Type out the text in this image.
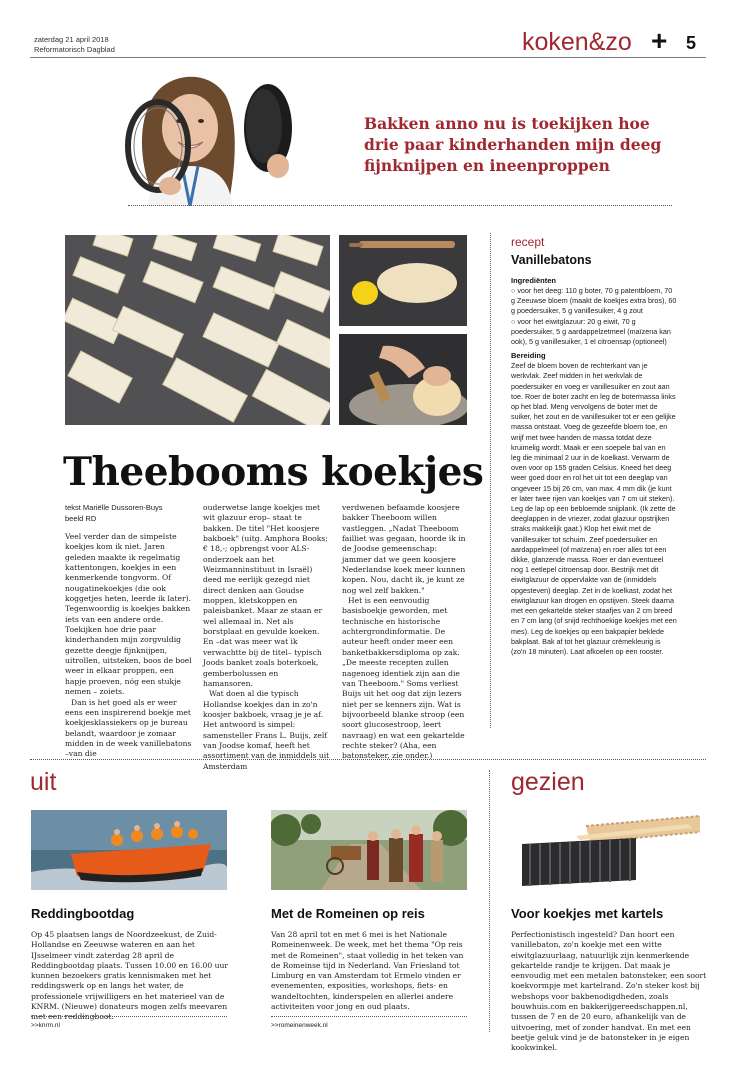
zaterdag 21 april 2018
Reformatorisch Dagblad	koken&zo + 5
Bakken anno nu is toekijken hoe drie paar kinderhanden mijn deeg fijnknijpen en ineenproppen
Theebooms koekjes
tekst Mariëlle Dussoren-Buys
beeld RD

Veel verder dan de simpelste koekjes kom ik niet. Jaren geleden maakte ik regelmatig kattentongen, koekjes in een kenmerkende tongvorm. Of nougatinekoekjes (die ook koggetjes heten, leerde ik later). Tegenwoordig is koekjes bakken iets van een andere orde. Toekijken hoe drie paar kinderhanden mijn zorgvuldig gezette deegje fijnknijpen, uitrollen, uitsteken, boos de boel weer in elkaar proppen, een hapje proeven, nóg een stukje nemen – zoiets.

Dan is het goed als er weer eens een inspirerend boekje met koekjesklassiekers op je bureau belandt, waardoor je zomaar midden in de week vanillebatons –van die

ouderwetse lange koekjes met wit glazuur erop– staat te bakken. De titel "Het koosjere bakboek" (uitg. Amphora Books; € 18,-; opbrengst voor ALS-onderzoek aan het Weizmanninstituut in Israël) deed me eerlijk gezegd niet direct denken aan Goudse moppen, kletskoppen en paleisbanket. Maar ze staan er wel allemaal in. Net als borstplaat en gevulde koeken. En –dat was meer wat ik verwachtte bij de titel– typisch Joods banket zoals boterkoek, gemberbolussen en hamansoren.

Wat doen al die typisch Hollandse koekjes dan in zo'n koosjer bakboek, vraag je je af. Het antwoord is simpel: samensteller Frans L. Buijs, zelf van Joodse komaf, heeft het assortiment van de inmiddels uit Amsterdam

verdwenen befaamde koosjere bakker Theeboom willen vastleggen. „Nadat Theeboom failliet was gegaan, hoorde ik in de Joodse gemeenschap: jammer dat we geen koosjere Nederlandse koek meer kunnen kopen. Nou, dacht ik, je kunt ze nog wel zelf bakken."

Het is een eenvoudig basisboekje geworden, met technische en historische achtergrondinformatie. De auteur heeft onder meer een banketbakkersdiploma op zak. „De meeste recepten zullen nagenoeg identiek zijn aan die van Theeboom." Soms verliest Buijs uit het oog dat zijn lezers niet per se kenners zijn. Wat is bijvoorbeeld blanke stroop (een soort glucosestroop, leert navraag) en wat een gekartelde rechte steker? (Aha, een batonsteker, zie onder.)

recept
Vanillebatons
Ingrediënten
○ voor het deeg: 110 g boter, 70 g patentbloem, 70 g Zeeuwse bloem (maakt de koekjes extra bros), 60 g poedersuiker, 5 g vanillesuiker, 4 g zout
○ voor het eiwitglazuur: 20 g eiwit, 70 g poedersuiker, 5 g aardappelzetmeel (maïzena kan ook), 5 g vanillesuiker, 1 el citroensap (optioneel)
Bereiding
Zeef de bloem boven de rechterkant van je werkvlak. Zeef midden in het werkvlak de poedersuiker en voeg er vanillesuiker en zout aan toe. Roer de boter zacht en leg de botermassa links op het blad. Meng vervolgens de boter met de suiker, het zout en de vanillesuiker tot er een gelijke massa ontstaat. Voeg de gezeefde bloem toe, en wrijf met twee handen de massa totdat deze kruimelig wordt. Maak er een soepele bal van en leg die minimaal 2 uur in de koelkast. Verwarm de oven voor op 155 graden Celsius. Kneed het deeg weer goed door en rol het uit tot een deeglap van ongeveer 15 bij 26 cm, van max. 4 mm dik (je kunt er later twee rijen van koekjes van 7 cm uit steken). Leg de lap op een bebloemde snijplank. (Ik zette de deeglappen in de vriezer, zodat glazuur opstrijken straks makkelijk gaat.) Klop het eiwit met de vanillesuiker tot schuim. Zeef poedersuiker en aardappelmeel (of maïzena) en roer alles tot een dikke, glanzende massa. Roer er dan eventueel nog 1 eetlepel citroensap door. Bestrijk met dit eiwitglazuur de oppervlakte van de (inmiddels opgesteven) deeglap. Zet in de koelkast, zodat het eiwitglazuur kan drogen en opstijven. Steek daarna met een gekartelde steker staafjes van 2 cm breed en 7 cm lang (of snijd rechthoekige koekjes met een mes). Leg de koekjes op een bakpapier beklede bakplaat. Bak af tot het glazuur crèmekleurig is (zo'n 18 minuten). Laat afkoelen op een rooster.
uit
Reddingbootdag
Op 45 plaatsen langs de Noordzeekust, de Zuid-Hollandse en Zeeuwse wateren en aan het IJsselmeer vindt zaterdag 28 april de Reddingbootdag plaats. Tussen 10.00 en 16.00 uur kunnen bezoekers gratis kennismaken met het reddingswerk op en langs het water, de professionele vrijwilligers en het materieel van de KNRM. (Nieuwe) donateurs mogen zelfs meevaren met een reddingboot.
>>knrm.nl
Met de Romeinen op reis
Van 28 april tot en met 6 mei is het Nationale Romeinenweek. De week, met het thema "Op reis met de Romeinen", staat volledig in het teken van de Romeinse tijd in Nederland. Van Friesland tot Limburg en van Amsterdam tot Ermelo vinden er evenementen, exposities, workshops, fiets- en wandeltochten, kinderspelen en allerlei andere activiteiten voor jong en oud plaats.
>>romeinenweek.nl
gezien
Voor koekjes met kartels
Perfectionistisch ingesteld? Dan hoort een vanillebaton, zo'n koekje met een witte eiwitglazuurlaag, natuurlijk zijn kenmerkende gekartelde randje te krijgen. Dat maak je eenvoudig met een metalen batonsteker, een soort koekvormpje met kartelrand. Zo'n steker kost bij webshops voor bakbenodigdheden, zoals bouwhuis.com en bakkerijgereedschappen.nl, tussen de 7 en de 20 euro, afhankelijk van de uitvoering, met of zonder handvat. En met een beetje geluk vind je de batonsteker in je eigen kookwinkel.
